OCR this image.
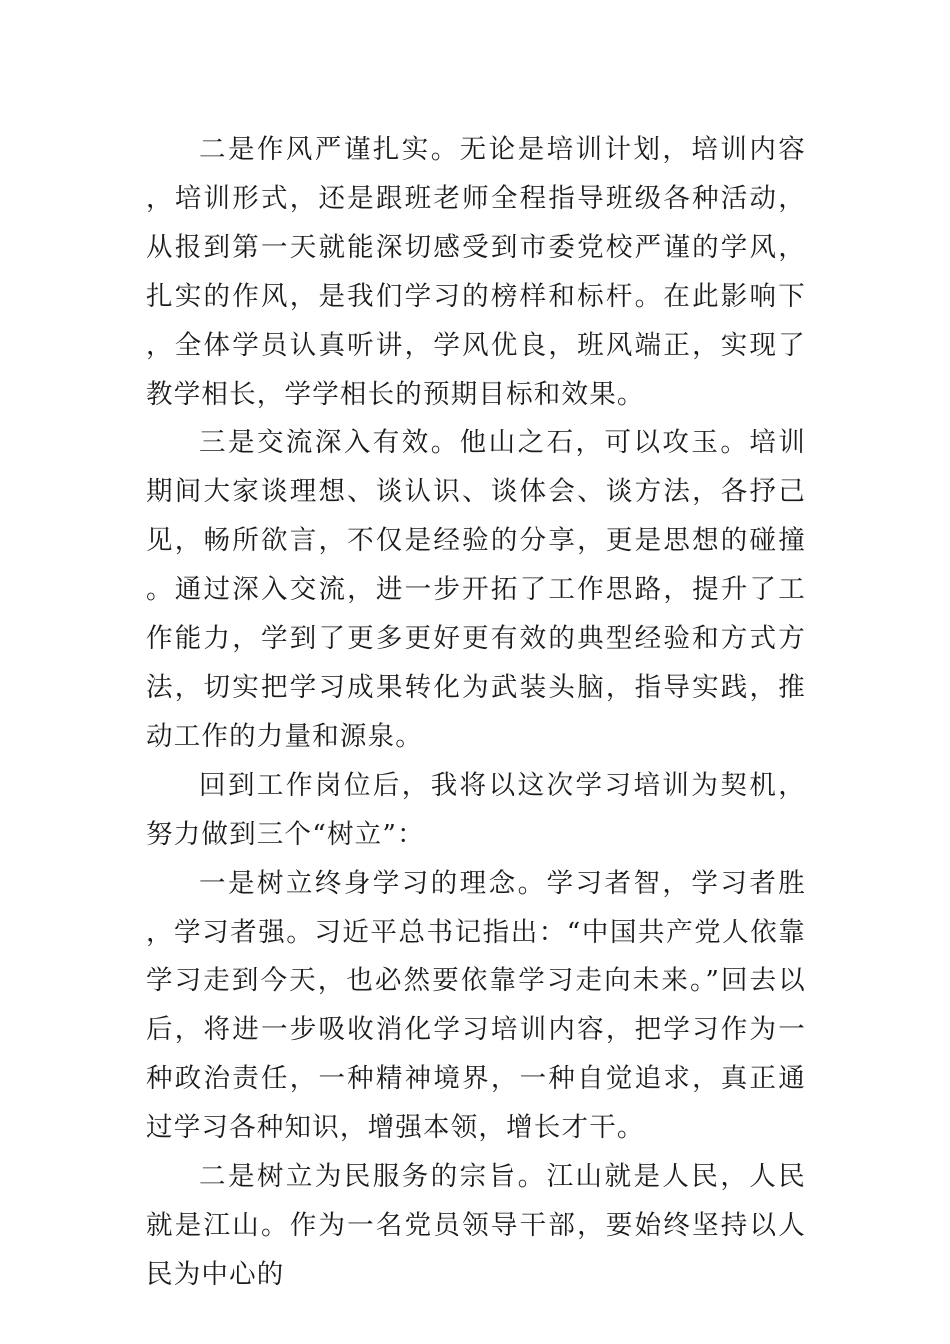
二是作风严谨扎实。无论是培训计划，培训内容，培训形式，还是跟班老师全程指导班级各种活动，从报到第一天就能深切感受到市委党校严谨的学风，扎实的作风，是我们学习的榜样和标杆。在此影响下，全体学员认真听讲，学风优良，班风端正，实现了教学相长，学学相长的预期目标和效果。

三是交流深入有效。他山之石，可以攻玉。培训期间大家谈理想、谈认识、谈体会、谈方法，各抒己见，畅所欲言，不仅是经验的分享，更是思想的碰撞。通过深入交流，进一步开拓了工作思路，提升了工作能力，学到了更多更好更有效的典型经验和方式方法，切实把学习成果转化为武装头脑，指导实践，推动工作的力量和源泉。

回到工作岗位后，我将以这次学习培训为契机，努力做到三个“树立”：

一是树立终身学习的理念。学习者智，学习者胜，学习者强。习近平总书记指出：“中国共产党人依靠学习走到今天，也必然要依靠学习走向未来。”回去以后，将进一步吸收消化学习培训内容，把学习作为一种政治责任，一种精神境界，一种自觉追求，真正通过学习各种知识，增强本领，增长才干。

二是树立为民服务的宗旨。江山就是人民，人民就是江山。作为一名党员领导干部，要始终坚持以人民为中心的
